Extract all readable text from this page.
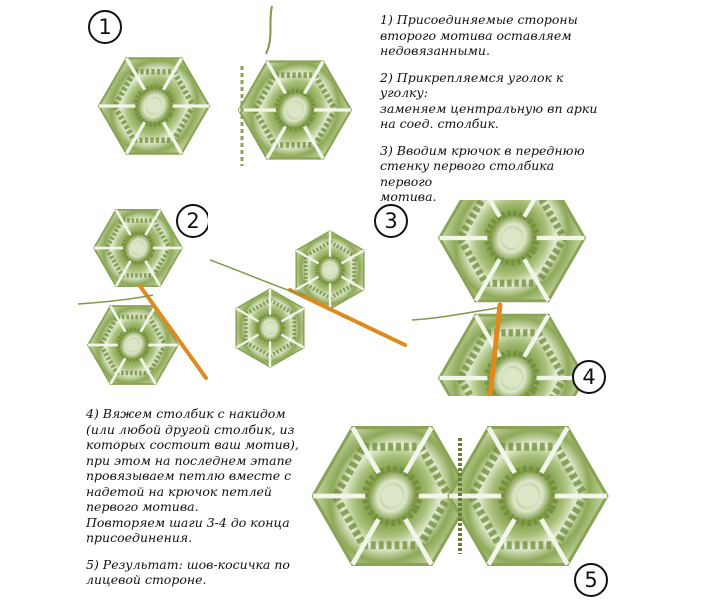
1
2	3
4
5

1) Присоединяемые стороны
второго мотива оставляем
недовязанными.

2) Прикрепляемся уголок к уголку:
заменяем центральную вп арки
на соед. столбик.

3) Вводим крючок в переднюю
стенку первого столбика первого
мотива.

4) Вяжем столбик с накидом
(или любой другой столбик, из
которых состоит ваш мотив),
при этом на последнем этапе
провязываем петлю вместе с
надетой на крючок петлей
первого мотива.
Повторяем шаги 3-4 до конца
присоединения.

5) Результат: шов-косичка по
лицевой стороне.
